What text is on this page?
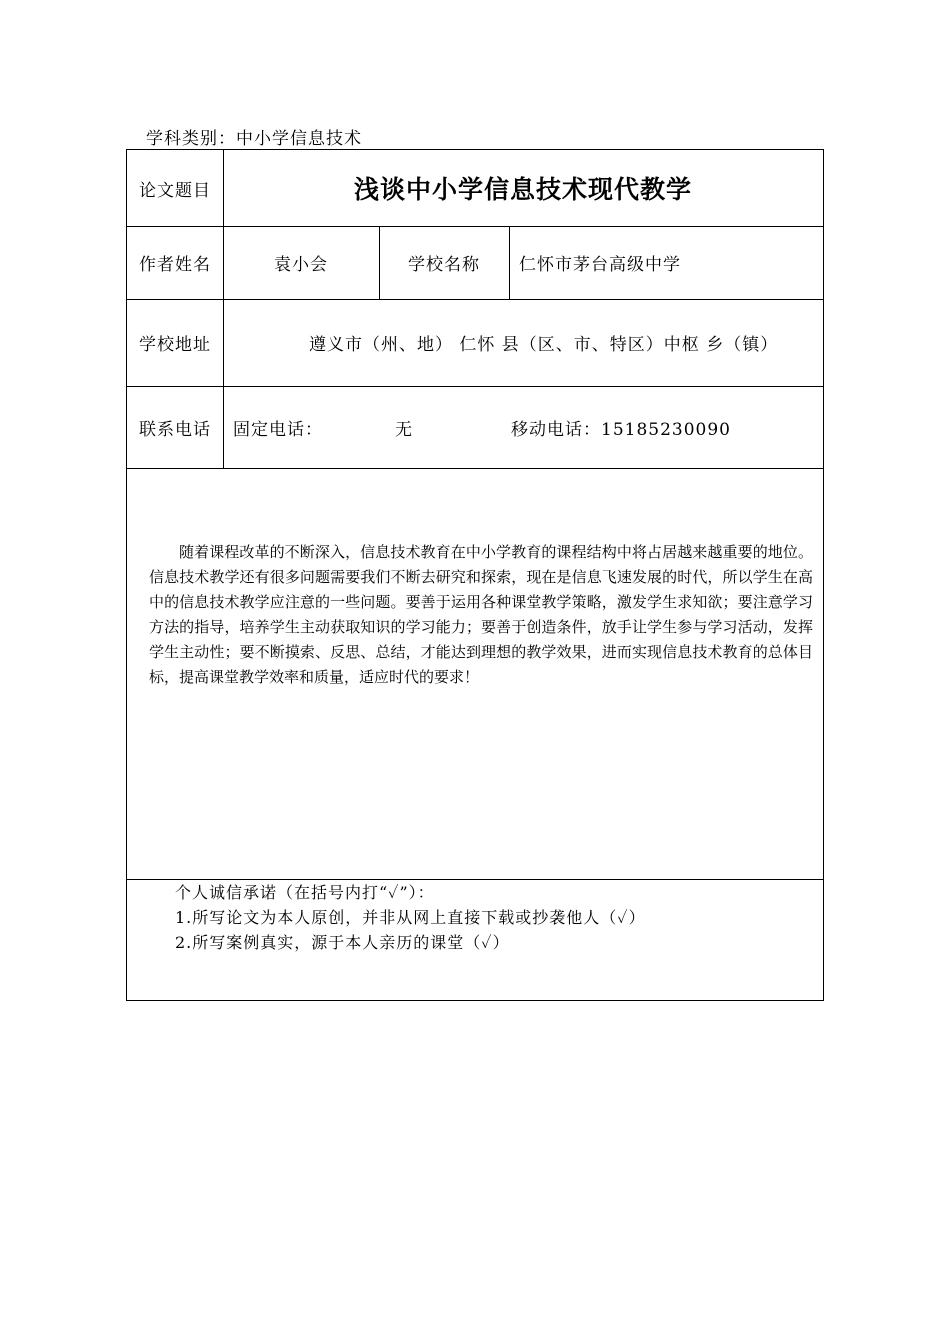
学科类别：中小学信息技术
论文题目	浅谈中小学信息技术现代教学
作者姓名	袁小会	学校名称	仁怀市茅台高级中学
学校地址	遵义市（州、地） 仁怀 县（区、市、特区）中枢 乡（镇）
联系电话	固定电话：	无	移动电话：15185230090
随着课程改革的不断深入，信息技术教育在中小学教育的课程结构中将占居越来越重要的地位。信息技术教学还有很多问题需要我们不断去研究和探索，现在是信息飞速发展的时代，所以学生在高中的信息技术教学应注意的一些问题。要善于运用各种课堂教学策略，激发学生求知欲；要注意学习方法的指导，培养学生主动获取知识的学习能力；要善于创造条件，放手让学生参与学习活动，发挥学生主动性；要不断摸索、反思、总结，才能达到理想的教学效果，进而实现信息技术教育的总体目标，提高课堂教学效率和质量，适应时代的要求！
个人诚信承诺（在括号内打“✓”）：
1.所写论文为本人原创，并非从网上直接下载或抄袭他人（✓）
2.所写案例真实，源于本人亲历的课堂（✓）
